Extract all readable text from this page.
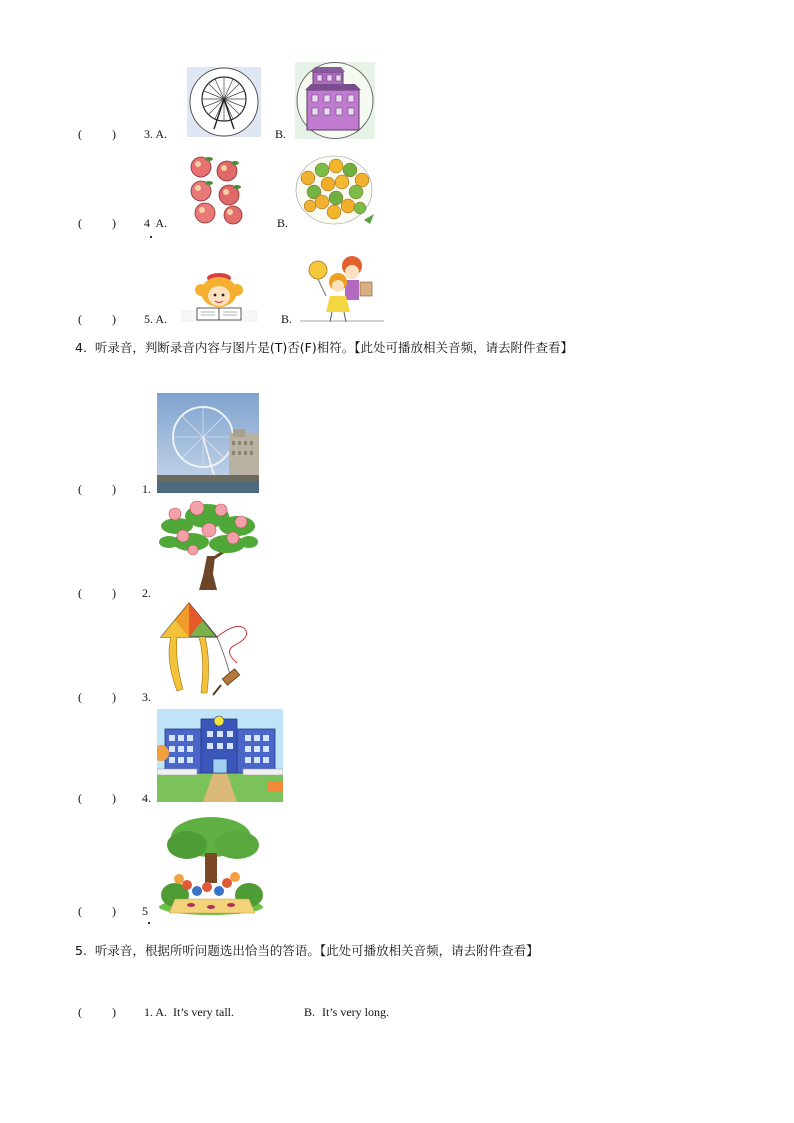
(          ) 3. A.	B.
(          ) 4  A.	B.
(          ) 5. A.	B.
4.  听录音，判断录音内容与图片是(T)否(F)相符。【此处可播放相关音频，请去附件查看】
(          ) 1.
(          ) 2.
(          ) 3.
(          ) 4.
(          ) 5
5.  听录音，根据所听问题选出恰当的答语。【此处可播放相关音频，请去附件查看】
(          ) 1. A. It’s very tall.	B. It’s very long.
